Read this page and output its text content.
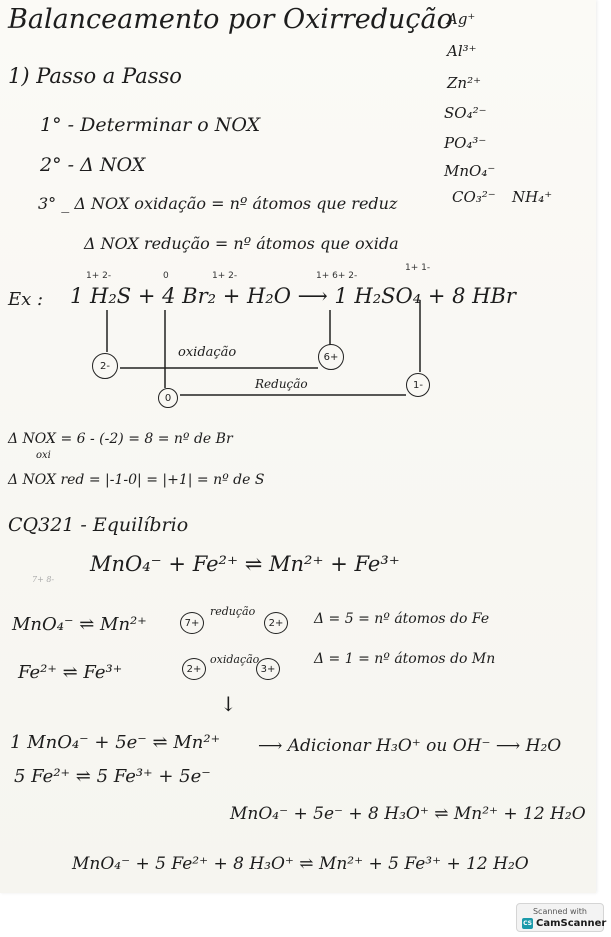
Balanceamento por Oxirredução
1) Passo a Passo
Ag⁺
Al³⁺
Zn²⁺
SO₄²⁻
PO₄³⁻
MnO₄⁻
CO₃²⁻ NH₄⁺
1° - Determinar o NOX
2° - Δ NOX
3° _ Δ NOX oxidação = nº átomos que reduz
Δ NOX redução = nº átomos que oxida
1+ 2-	0	1+ 2-	1+ 6+ 2-
1+ 1-
Ex : 1 H₂S + 4 Br₂ + H₂O ⟶ 1 H₂SO₄ + 8 HBr
2-
6+
0
1-
oxidação
Redução
Δ NOX = 6 - (-2) = 8 = nº de Br
oxi
Δ NOX red = |-1-0| = |+1| = nº de S
CQ321 - Equilíbrio
7+ 8-
MnO₄⁻ + Fe²⁺ ⇌ Mn²⁺ + Fe³⁺
MnO₄⁻ ⇌ Mn²⁺	7+
redução
2+	Δ = 5 = nº átomos do Fe
Fe²⁺ ⇌ Fe³⁺	2+
oxidação
3+
Δ = 1 = nº átomos do Mn
↓
1 MnO₄⁻ + 5e⁻ ⇌ Mn²⁺
5 Fe²⁺ ⇌ 5 Fe³⁺ + 5e⁻
⟶ Adicionar H₃O⁺ ou OH⁻ ⟶ H₂O
MnO₄⁻ + 5e⁻ + 8 H₃O⁺ ⇌ Mn²⁺ + 12 H₂O
MnO₄⁻ + 5 Fe²⁺ + 8 H₃O⁺ ⇌ Mn²⁺ + 5 Fe³⁺ + 12 H₂O
Scanned with
CS CamScanner
